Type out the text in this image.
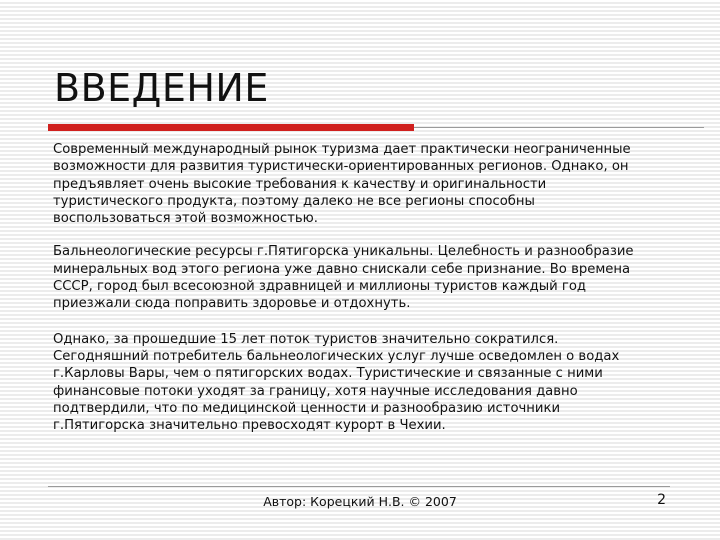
ВВЕДЕНИЕ
Современный международный рынок туризма дает практически неограниченные
возможности для развития туристически-ориентированных регионов. Однако, он
предъявляет очень высокие требования к качеству и оригинальности
туристического продукта, поэтому далеко не все регионы способны
воспользоваться этой возможностью.
Бальнеологические ресурсы г.Пятигорска уникальны. Целебность и разнообразие
минеральных вод этого региона уже давно снискали себе признание. Во времена
СССР, город был всесоюзной здравницей и миллионы туристов каждый год
приезжали сюда поправить здоровье и отдохнуть.
Однако, за прошедшие 15 лет поток туристов значительно сократился.
Сегодняшний потребитель бальнеологических услуг лучше осведомлен о водах
г.Карловы Вары, чем о пятигорских водах. Туристические и связанные с ними
финансовые потоки уходят за границу, хотя научные исследования давно
подтвердили, что по медицинской ценности и разнообразию источники
г.Пятигорска значительно превосходят курорт в Чехии.
Автор: Корецкий Н.В. © 2007	2
